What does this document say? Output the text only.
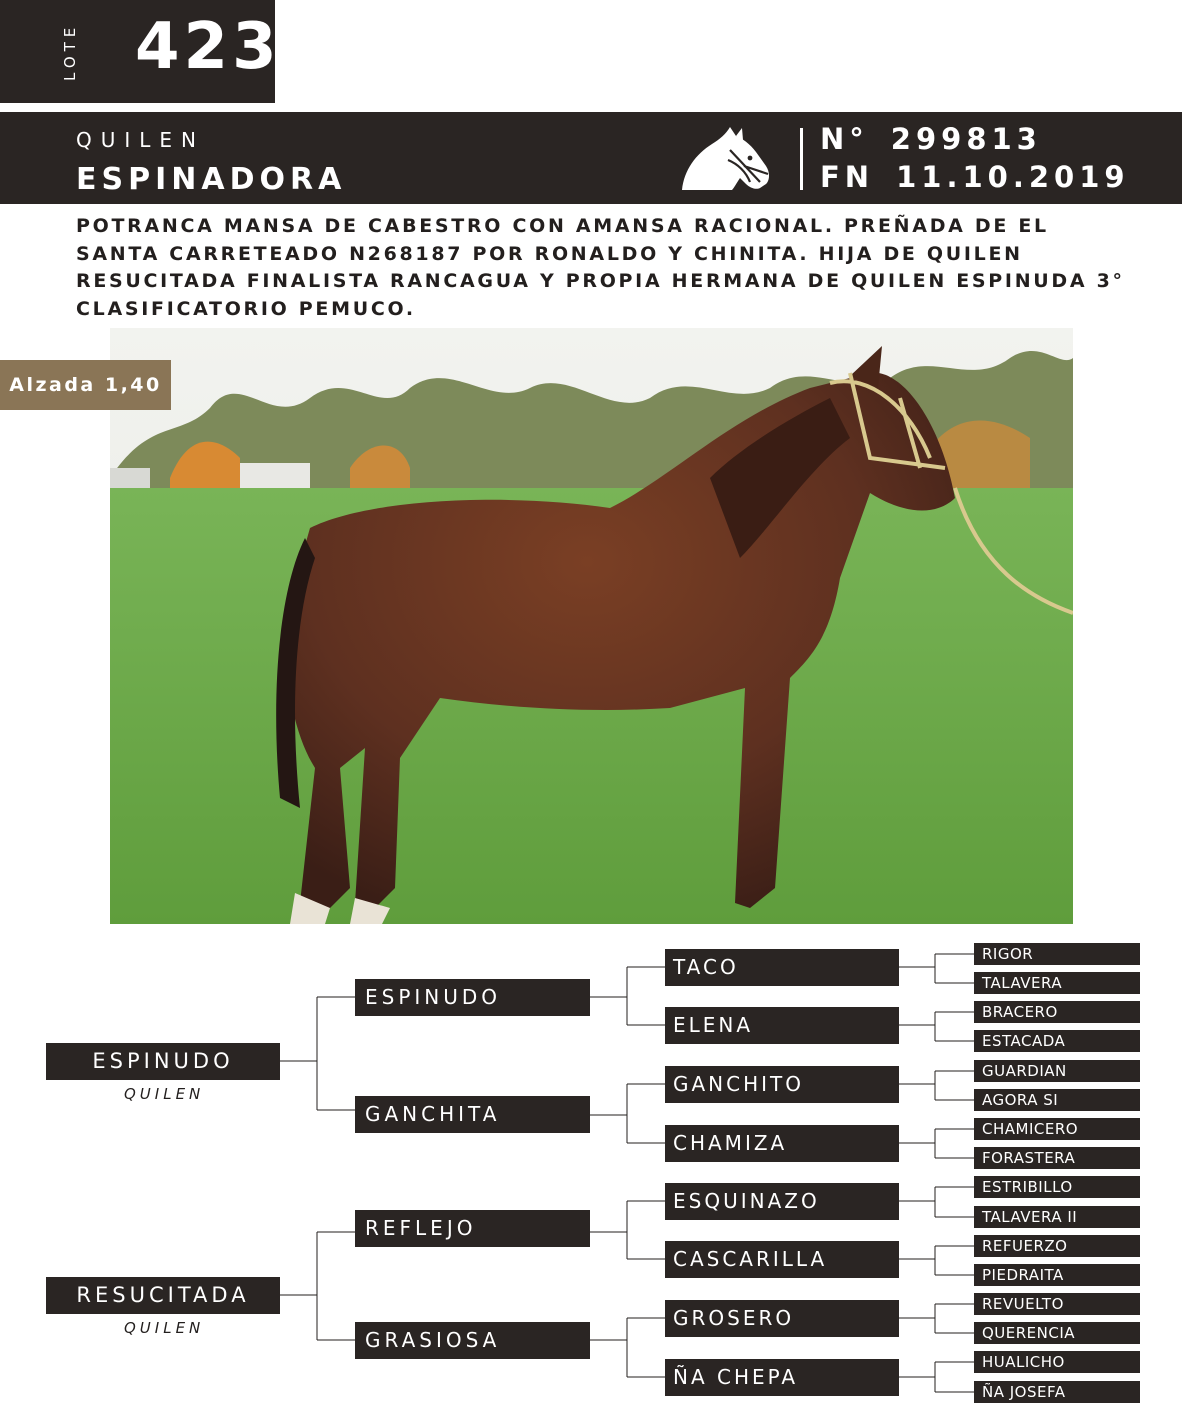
LOTE 423
QUILEN
ESPINADORA
N° 299813
FN 11.10.2019
POTRANCA MANSA DE CABESTRO CON AMANSA RACIONAL. PREÑADA DE EL SANTA CARRETEADO N268187 POR RONALDO Y CHINITA. HIJA DE QUILEN RESUCITADA FINALISTA RANCAGUA Y PROPIA HERMANA DE QUILEN ESPINUDA 3° CLASIFICATORIO PEMUCO.
Alzada 1,40
ESPINUDO
QUILEN
RESUCITADA
QUILEN
ESPINUDO
GANCHITA
REFLEJO
GRASIOSA
TACO
ELENA
GANCHITO
CHAMIZA
ESQUINAZO
CASCARILLA
GROSERO
ÑA CHEPA
RIGOR
TALAVERA
BRACERO
ESTACADA
GUARDIAN
AGORA SI
CHAMICERO
FORASTERA
ESTRIBILLO
TALAVERA II
REFUERZO
PIEDRAITA
REVUELTO
QUERENCIA
HUALICHO
ÑA JOSEFA
